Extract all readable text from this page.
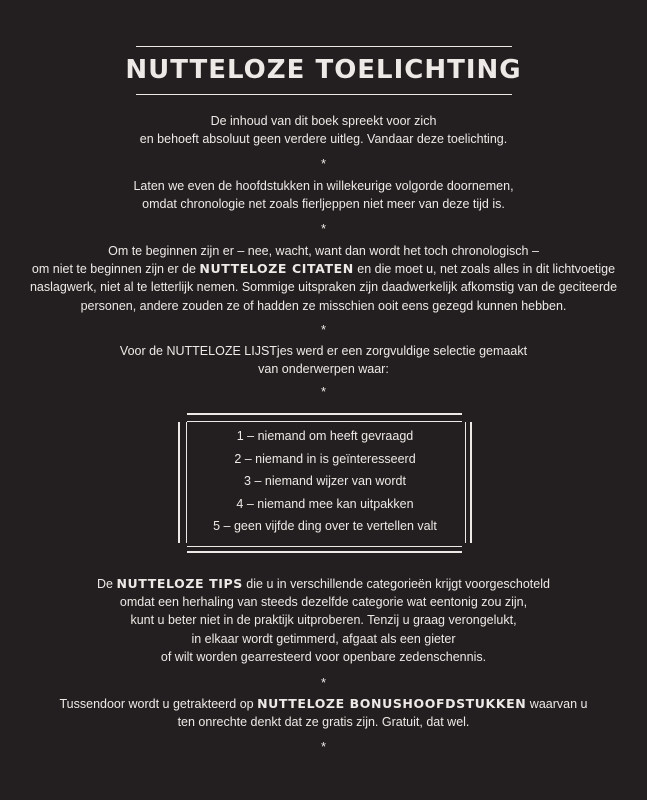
NUTTELOZE TOELICHTING

De inhoud van dit boek spreekt voor zich
en behoeft absoluut geen verdere uitleg. Vandaar deze toelichting.

*

Laten we even de hoofdstukken in willekeurige volgorde doornemen,
omdat chronologie net zoals fierljeppen niet meer van deze tijd is.

*

Om te beginnen zijn er – nee, wacht, want dan wordt het toch chronologisch –
om niet te beginnen zijn er de NUTTELOZE CITATEN en die moet u, net zoals alles in dit lichtvoetige
naslagwerk, niet al te letterlijk nemen. Sommige uitspraken zijn daadwerkelijk afkomstig van de geciteerde
personen, andere zouden ze of hadden ze misschien ooit eens gezegd kunnen hebben.

*

Voor de NUTTELOZE LIJSTjes werd er een zorgvuldige selectie gemaakt
van onderwerpen waar:

*
1 – niemand om heeft gevraagd
2 – niemand in is geïnteresseerd
3 – niemand wijzer van wordt
4 – niemand mee kan uitpakken
5 – geen vijfde ding over te vertellen valt

De NUTTELOZE TIPS die u in verschillende categorieën krijgt voorgeschoteld
omdat een herhaling van steeds dezelfde categorie wat eentonig zou zijn,
kunt u beter niet in de praktijk uitproberen. Tenzij u graag verongelukt,
in elkaar wordt getimmerd, afgaat als een gieter
of wilt worden gearresteerd voor openbare zedenschennis.

*

Tussendoor wordt u getrakteerd op NUTTELOZE BONUSHOOFDSTUKKEN waarvan u
ten onrechte denkt dat ze gratis zijn. Gratuit, dat wel.

*
